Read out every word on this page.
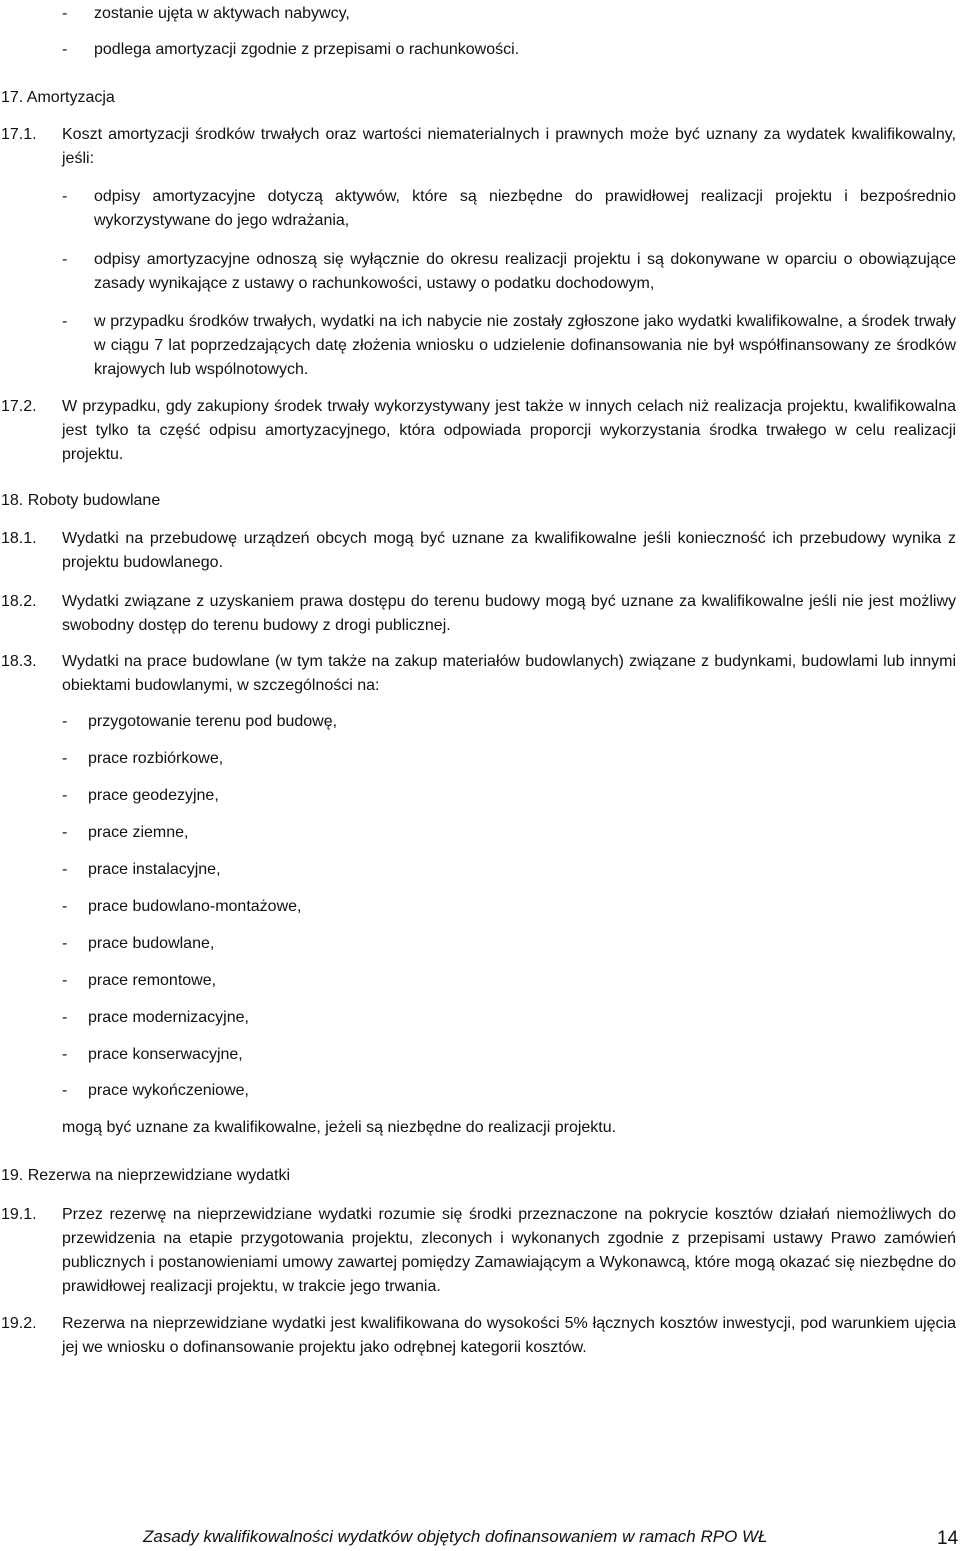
- zostanie ujęta w aktywach nabywcy,
- podlega amortyzacji zgodnie z przepisami o rachunkowości.
17. Amortyzacja
17.1. Koszt amortyzacji środków trwałych oraz wartości niematerialnych i prawnych może być uznany za wydatek kwalifikowalny, jeśli:
- odpisy amortyzacyjne dotyczą aktywów, które są niezbędne do prawidłowej realizacji projektu i bezpośrednio wykorzystywane do jego wdrażania,
- odpisy amortyzacyjne odnoszą się wyłącznie do okresu realizacji projektu i są dokonywane w oparciu o obowiązujące zasady wynikające z ustawy o rachunkowości, ustawy o podatku dochodowym,
- w przypadku środków trwałych, wydatki na ich nabycie nie zostały zgłoszone jako wydatki kwalifikowalne, a środek trwały w ciągu 7 lat poprzedzających datę złożenia wniosku o udzielenie dofinansowania nie był współfinansowany ze środków krajowych lub wspólnotowych.
17.2. W przypadku, gdy zakupiony środek trwały wykorzystywany jest także w innych celach niż realizacja projektu, kwalifikowalna jest tylko ta część odpisu amortyzacyjnego, która odpowiada proporcji wykorzystania środka trwałego w celu realizacji projektu.
18. Roboty budowlane
18.1. Wydatki na przebudowę urządzeń obcych mogą być uznane za kwalifikowalne jeśli konieczność ich przebudowy wynika z projektu budowlanego.
18.2. Wydatki związane z uzyskaniem prawa dostępu do terenu budowy mogą być uznane za kwalifikowalne jeśli nie jest możliwy swobodny dostęp do terenu budowy z drogi publicznej.
18.3. Wydatki na prace budowlane (w tym także na zakup materiałów budowlanych) związane z budynkami, budowlami lub innymi obiektami budowlanymi, w szczególności na:
- przygotowanie terenu pod budowę,
- prace rozbiórkowe,
- prace geodezyjne,
- prace ziemne,
- prace instalacyjne,
- prace budowlano-montażowe,
- prace budowlane,
- prace remontowe,
- prace modernizacyjne,
- prace konserwacyjne,
- prace wykończeniowe,
mogą być uznane za kwalifikowalne, jeżeli są niezbędne do realizacji projektu.
19. Rezerwa na nieprzewidziane wydatki
19.1. Przez rezerwę na nieprzewidziane wydatki rozumie się środki przeznaczone na pokrycie kosztów działań niemożliwych do przewidzenia na etapie przygotowania projektu, zleconych i wykonanych zgodnie z przepisami ustawy Prawo zamówień publicznych i postanowieniami umowy zawartej pomiędzy Zamawiającym a Wykonawcą, które mogą okazać się niezbędne do prawidłowej realizacji projektu, w trakcie jego trwania.
19.2. Rezerwa na nieprzewidziane wydatki jest kwalifikowana do wysokości 5% łącznych kosztów inwestycji, pod warunkiem ujęcia jej we wniosku o dofinansowanie projektu jako odrębnej kategorii kosztów.
Zasady kwalifikowalności wydatków objętych dofinansowaniem w ramach RPO WŁ	14
